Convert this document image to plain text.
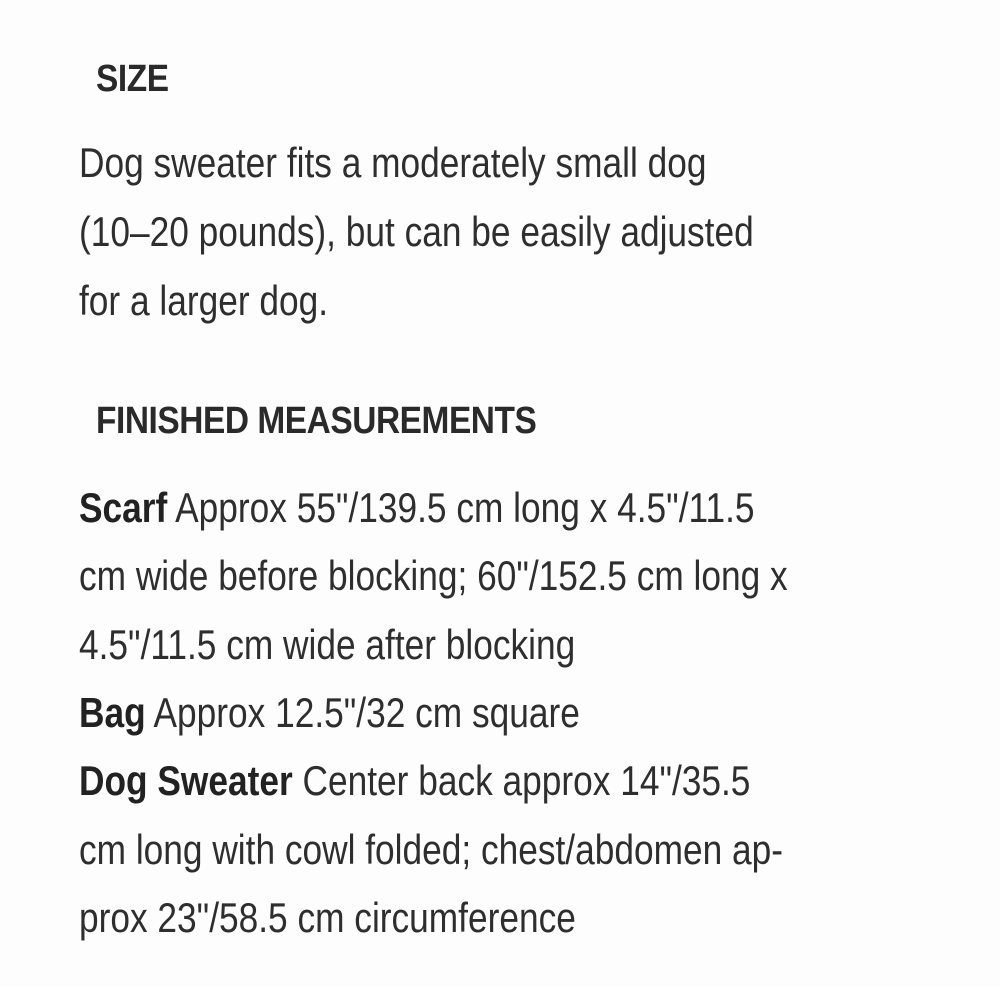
SIZE

Dog sweater fits a moderately small dog

(10–20 pounds), but can be easily adjusted

for a larger dog.

FINISHED MEASUREMENTS

Scarf Approx 55"/139.5 cm long x 4.5"/11.5

cm wide before blocking; 60"/152.5 cm long x

4.5"/11.5 cm wide after blocking

Bag Approx 12.5"/32 cm square

Dog Sweater Center back approx 14"/35.5

cm long with cowl folded; chest/abdomen ap-

prox 23"/58.5 cm circumference
